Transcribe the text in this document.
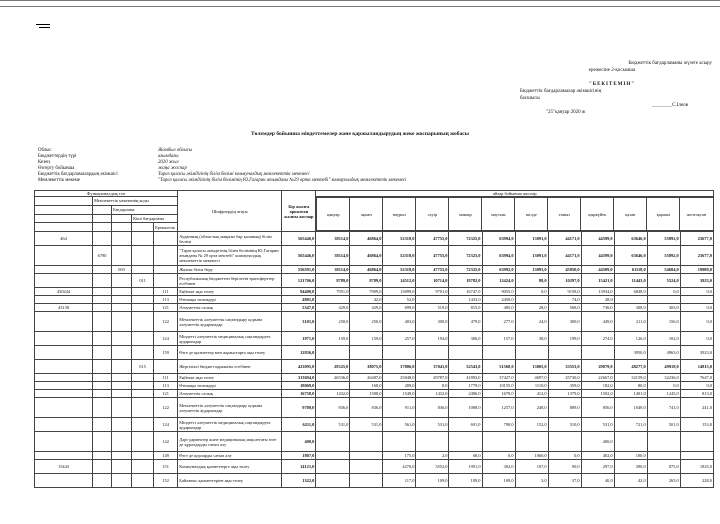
Бюджеттік бағдарламаны жүзеге асыру
ережесіне 2-қосымша
"БЕКІТЕМІН"
Бюджеттік бағдарламалар әкімшісінің
басшысы
________С.Ілеов
"25"қаңтар 2020 ж
Төлемдер бойынша міндеттемелер және қаржыландырудың жеке жоспарының жобасы
Облыс	Жамбыл облысы
Бюджеттердің түрі	ағымдағы
Кезең	2020 жыл
Өзгерту бойынша	жаңа жоспар
Бюджеттік бағдарламалардың әкімшісі	Тараз қаласы әкімдігінің білім бөлімі коммуналдық мемлекеттік мекемесі
Мемлекеттік мекеме	"Тараз қаласы әкімдігінің білім бөлімінің Ю.Гагарин атындағы №29 орта мектебі" коммуналдық мемлекеттік мекемесі
Функционалдық топ	Шифрлердің атауы	Бір жылға арналған жалпы жоспар	айлар бойынша жоспар
	Мемлекеттік мекеменің коды	
қаңтар	ақпан	наурыз	сәуір	мамыр	маусым	шілде	тамыз	қыркүйек	қазан	қараша	желтоқсан

		Бағдарлама
			Кіші бағдарлама
				Ерекшелік
464					Ауданның (облыстық маңызы бар қаланың) білім бөлімі	565446,0	38114,0	46864,0	52318,0	47755,0	72325,0	63994,0	13091,0	44171,0	44599,0	63646,0	55892,0	23677,0
	6780				"Тараз қаласы әкімдігінің білім бөлімінің Ю.Гагарин атындағы № 29 орта мектебі" коммуналдық мемлекеттік мекемесі	565446,0	38114,0	46864,0	52318,0	47755,0	72325,0	63994,0	13091,0	44171,0	44599,0	63646,0	55892,0	23677,0
		003			Жалпы білім беру	556591,0	38114,0	46864,0	52318,0	47755,0	72325,0	63992,0	13093,0	45850,0	44509,0	61118,0	54684,0	19980,0
			011		Республикалық бюджеттен берілетін трансферттер есебінен	121706,0	8789,0	8789,0	14512,0	10714,0	19782,0	12424,0	88,0	10297,0	15421,0	11443,0	5524,0	3923,0
430244				111	Еңбекке ақы төлеу	94400,0	7951,0	7909,0	13099,0	9701,0	16747,0	9055,0	0,0	9158,0	13934,0	6848,0	0,0	0,0
				113	Өтемақы төлемдері	4881,0		42,0	52,0		1433,0	2450,0		74,0	28,0			
43138				121	Әлеуметтік салық	5347,0	429,0	429,0	699,0	519,0	815,0	485,0	28,0	568,0	736,0	308,0	303,0	0,0
				122	Мемлекеттік әлеуметтік сақтандыру қорына әлеуметтік аударымдар	3101,0	250,0	250,0	403,0	300,0	479,0	277,0	24,0	300,0	449,0	211,0	156,0	0,0
				124	Міндетті әлеуметтік медициналық сақтандыруға аударымдар	1971,0	159,0	159,0	257,0	194,0	306,0	157,0	38,0	199,0	274,0	126,0	102,0	0,0
				159	Өзге де қызметтер мен жұмыстарға ақы төлеу	12836,0										3950,0	4963,0	3923,0
			015		Жергілікті бюджет қаражаты есебінен	423095,0	29325,0	38075,0	37806,0	37041,0	52543,0	51568,0	13005,0	33553,0	29079,0	48277,0	49918,0	14815,0
				111	Еңбекке ақы төлеу	313694,0	26536,0	26487,0	25048,0	29787,0	41893,0	37427,0	4697,0	25730,0	22667,0	32159,0	32236,0	7647,0
				113	Өтемақы төлемдері	18069,0		168,0	289,0	0,0	1779,0	10155,0	1110,0	359,0	182,0	80,0	0,0	0,0
				121	Әлеуметтік салық	16758,0	1432,0	1588,0	1549,0	1432,0	2496,0	1679,0	412,0	1379,0	1502,0	1401,0	1245,0	813,0
				122	Мемлекеттік әлеуметтік сақтандыру қорына әлеуметтік аударымдар	9780,0	836,0	836,0	911,0	836,0	1088,0	1257,0	248,0	889,0	856,0	1049,0	741,0	241,0
				124	Міндетті әлеуметтік медициналық сақтандыруға аударымдар	6211,0	531,0	531,0	561,0	531,0	691,0	798,0	152,0	510,0	531,0	721,0	501,0	153,0
				142	Дәрі-дәрмектер және медициналық мақсаттағы өзге де құралдарды сатып алу	400,0									400,0			
				149	Өзге де қорларды сатып алу	1807,0			175,0	2,0	68,0	0,0	1060,0	0,0	402,0	100,0		
15443				151	Коммуналдық қызметтерге ақы төлеу	14121,0			4270,0	3552,0	1991,0	302,0	107,0	90,0	297,0	390,0	875,0	1825,0
				152	Байланыс қызметтеріне ақы төлеу	1322,0			117,0	109,0	109,0	109,0	3,0	37,0	40,0	42,0	265,0	228,0
